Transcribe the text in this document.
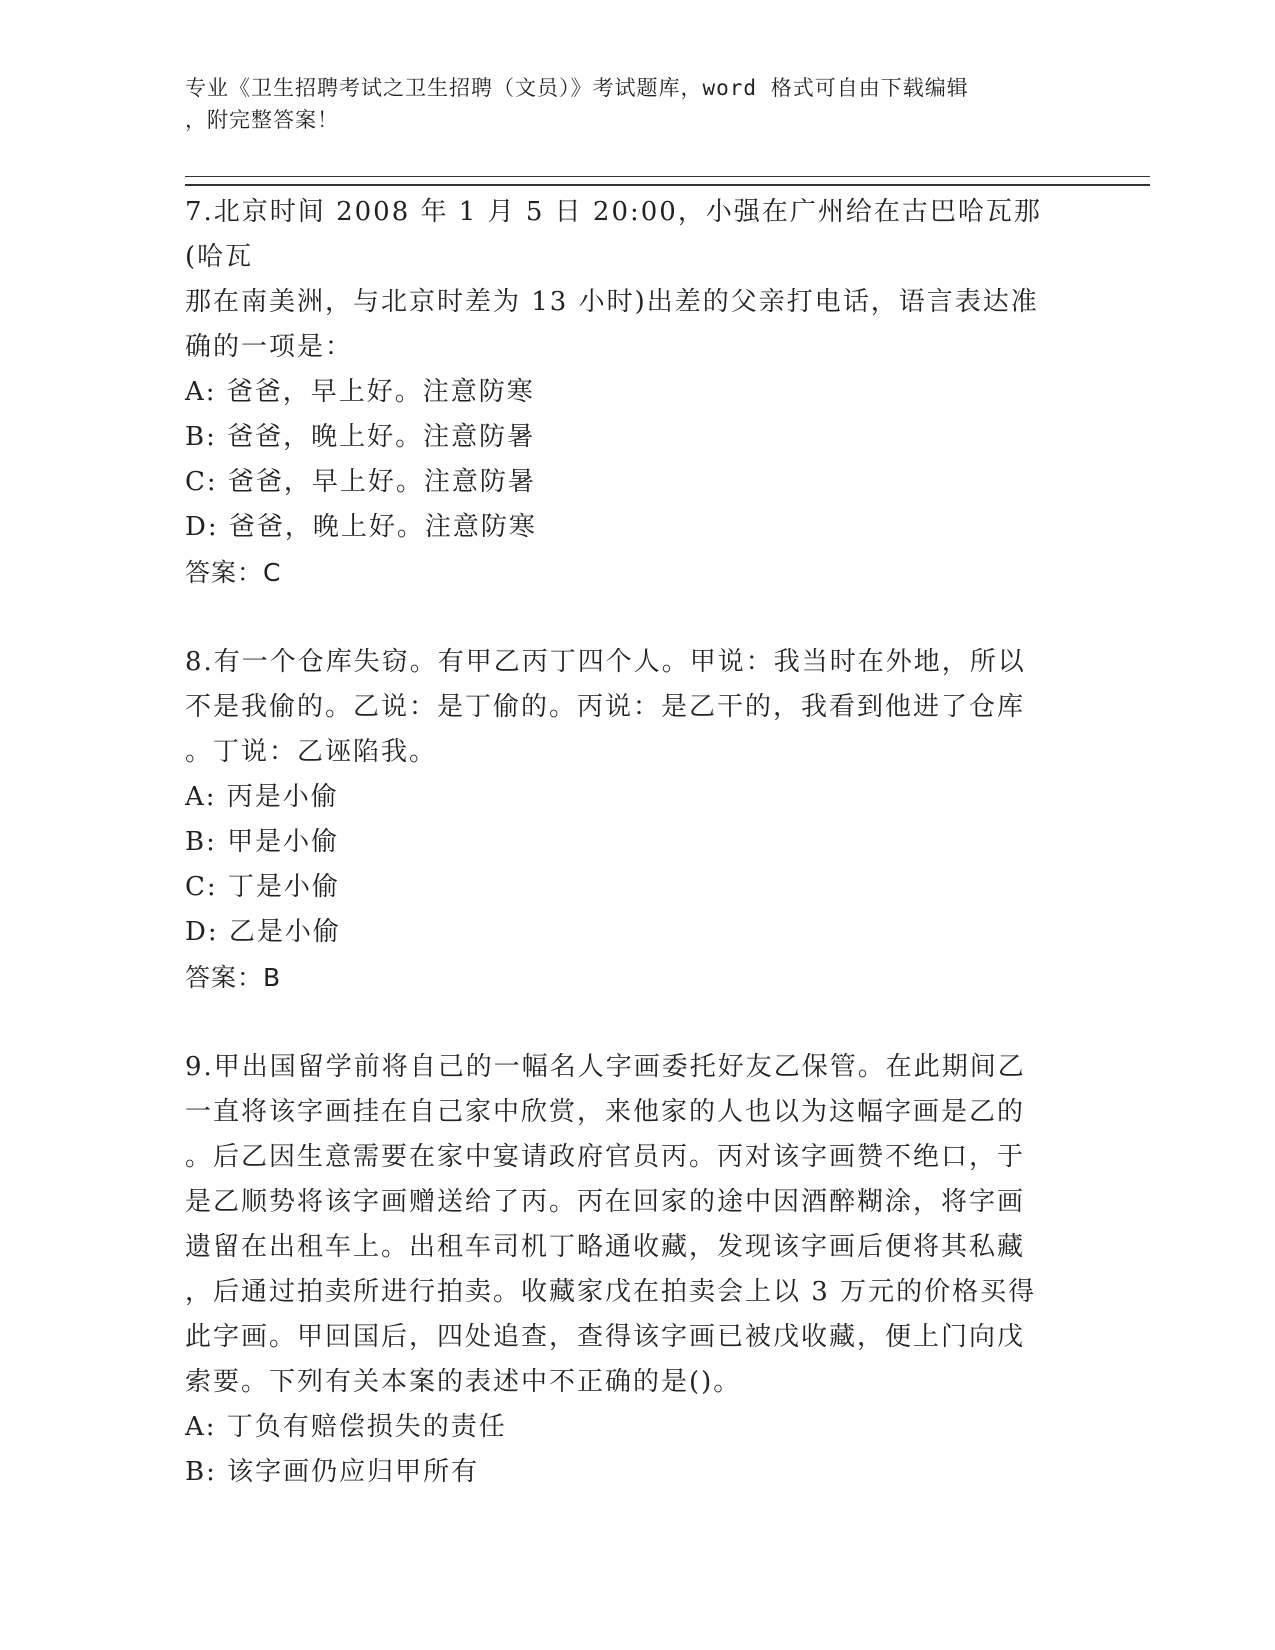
专业《卫生招聘考试之卫生招聘（文员）》考试题库，word 格式可自由下载编辑
，附完整答案！

7.北京时间 2008 年 1 月 5 日 20:00，小强在广州给在古巴哈瓦那(哈瓦
那在南美洲，与北京时差为 13 小时)出差的父亲打电话，语言表达准
确的一项是：

A: 爸爸，早上好。注意防寒

B: 爸爸，晚上好。注意防暑

C: 爸爸，早上好。注意防暑

D: 爸爸，晚上好。注意防寒

答案：C

8.有一个仓库失窃。有甲乙丙丁四个人。甲说：我当时在外地，所以
不是我偷的。乙说：是丁偷的。丙说：是乙干的，我看到他进了仓库
。丁说：乙诬陷我。

A: 丙是小偷

B: 甲是小偷

C: 丁是小偷

D: 乙是小偷

答案：B

9.甲出国留学前将自己的一幅名人字画委托好友乙保管。在此期间乙
一直将该字画挂在自己家中欣赏，来他家的人也以为这幅字画是乙的
。后乙因生意需要在家中宴请政府官员丙。丙对该字画赞不绝口，于
是乙顺势将该字画赠送给了丙。丙在回家的途中因酒醉糊涂，将字画
遗留在出租车上。出租车司机丁略通收藏，发现该字画后便将其私藏
，后通过拍卖所进行拍卖。收藏家戊在拍卖会上以 3 万元的价格买得
此字画。甲回国后，四处追查，查得该字画已被戊收藏，便上门向戊
索要。下列有关本案的表述中不正确的是()。

A: 丁负有赔偿损失的责任

B: 该字画仍应归甲所有
